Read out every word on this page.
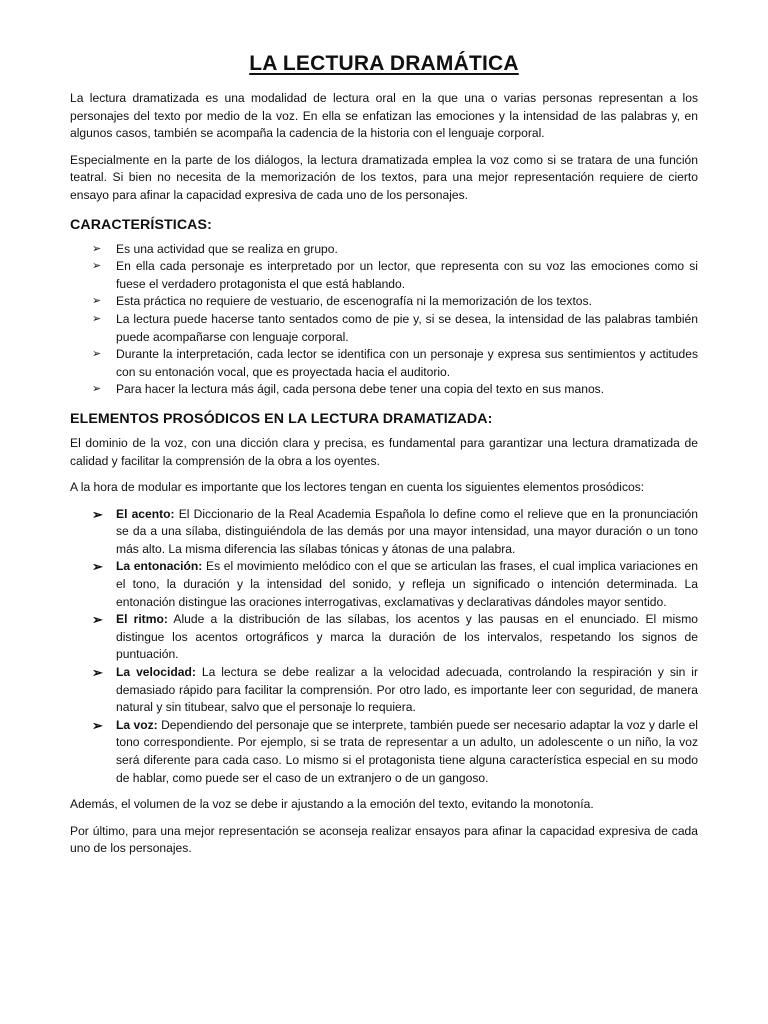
LA LECTURA DRAMÁTICA

La lectura dramatizada es una modalidad de lectura oral en la que una o varias personas representan a los personajes del texto por medio de la voz. En ella se enfatizan las emociones y la intensidad de las palabras y, en algunos casos, también se acompaña la cadencia de la historia con el lenguaje corporal.

Especialmente en la parte de los diálogos, la lectura dramatizada emplea la voz como si se tratara de una función teatral. Si bien no necesita de la memorización de los textos, para una mejor representación requiere de cierto ensayo para afinar la capacidad expresiva de cada uno de los personajes.

CARACTERÍSTICAS:
➢ Es una actividad que se realiza en grupo.
➢ En ella cada personaje es interpretado por un lector, que representa con su voz las emociones como si fuese el verdadero protagonista el que está hablando.
➢ Esta práctica no requiere de vestuario, de escenografía ni la memorización de los textos.
➢ La lectura puede hacerse tanto sentados como de pie y, si se desea, la intensidad de las palabras también puede acompañarse con lenguaje corporal.
➢ Durante la interpretación, cada lector se identifica con un personaje y expresa sus sentimientos y actitudes con su entonación vocal, que es proyectada hacia el auditorio.
➢ Para hacer la lectura más ágil, cada persona debe tener una copia del texto en sus manos.
ELEMENTOS PROSÓDICOS EN LA LECTURA DRAMATIZADA:

El dominio de la voz, con una dicción clara y precisa, es fundamental para garantizar una lectura dramatizada de calidad y facilitar la comprensión de la obra a los oyentes.

A la hora de modular es importante que los lectores tengan en cuenta los siguientes elementos prosódicos:

➢ El acento: El Diccionario de la Real Academia Española lo define como el relieve que en la pronunciación se da a una sílaba, distinguiéndola de las demás por una mayor intensidad, una mayor duración o un tono más alto. La misma diferencia las sílabas tónicas y átonas de una palabra.
➢ La entonación: Es el movimiento melódico con el que se articulan las frases, el cual implica variaciones en el tono, la duración y la intensidad del sonido, y refleja un significado o intención determinada. La entonación distingue las oraciones interrogativas, exclamativas y declarativas dándoles mayor sentido.
➢ El ritmo: Alude a la distribución de las sílabas, los acentos y las pausas en el enunciado. El mismo distingue los acentos ortográficos y marca la duración de los intervalos, respetando los signos de puntuación.
➢ La velocidad: La lectura se debe realizar a la velocidad adecuada, controlando la respiración y sin ir demasiado rápido para facilitar la comprensión. Por otro lado, es importante leer con seguridad, de manera natural y sin titubear, salvo que el personaje lo requiera.
➢ La voz: Dependiendo del personaje que se interprete, también puede ser necesario adaptar la voz y darle el tono correspondiente. Por ejemplo, si se trata de representar a un adulto, un adolescente o un niño, la voz será diferente para cada caso. Lo mismo si el protagonista tiene alguna característica especial en su modo de hablar, como puede ser el caso de un extranjero o de un gangoso.

Además, el volumen de la voz se debe ir ajustando a la emoción del texto, evitando la monotonía.

Por último, para una mejor representación se aconseja realizar ensayos para afinar la capacidad expresiva de cada uno de los personajes.
